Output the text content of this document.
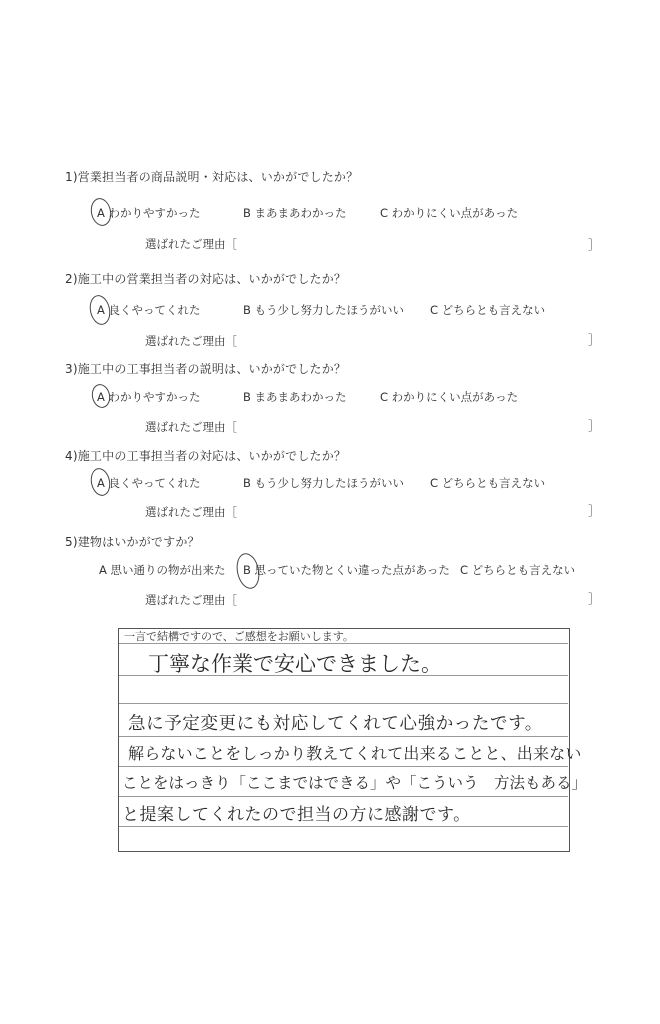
1)営業担当者の商品説明・対応は、いかがでしたか？
A わかりやすかった	B まあまあわかった	C わかりにくい点があった
選ばれたご理由［	］
2)施工中の営業担当者の対応は、いかがでしたか？
A 良くやってくれた	B もう少し努力したほうがいい C どちらとも言えない
選ばれたご理由［	］
3)施工中の工事担当者の説明は、いかがでしたか？
A わかりやすかった	B まあまあわかった	C わかりにくい点があった
選ばれたご理由［	］
4)施工中の工事担当者の対応は、いかがでしたか？
A 良くやってくれた	B もう少し努力したほうがいい C どちらとも言えない
選ばれたご理由［	］
5)建物はいかがですか？
A 思い通りの物が出来た B 思っていた物とくい違った点があった C どちらとも言えない
選ばれたご理由［	］
一言で結構ですので、ご感想をお願いします。
丁寧な作業で安心できました。
急に予定変更にも対応してくれて心強かったです。
解らないことをしっかり教えてくれて出来ることと、出来ない
ことをはっきり「ここまではできる」や「こういう　方法もある」
と提案してくれたので担当の方に感謝です。
